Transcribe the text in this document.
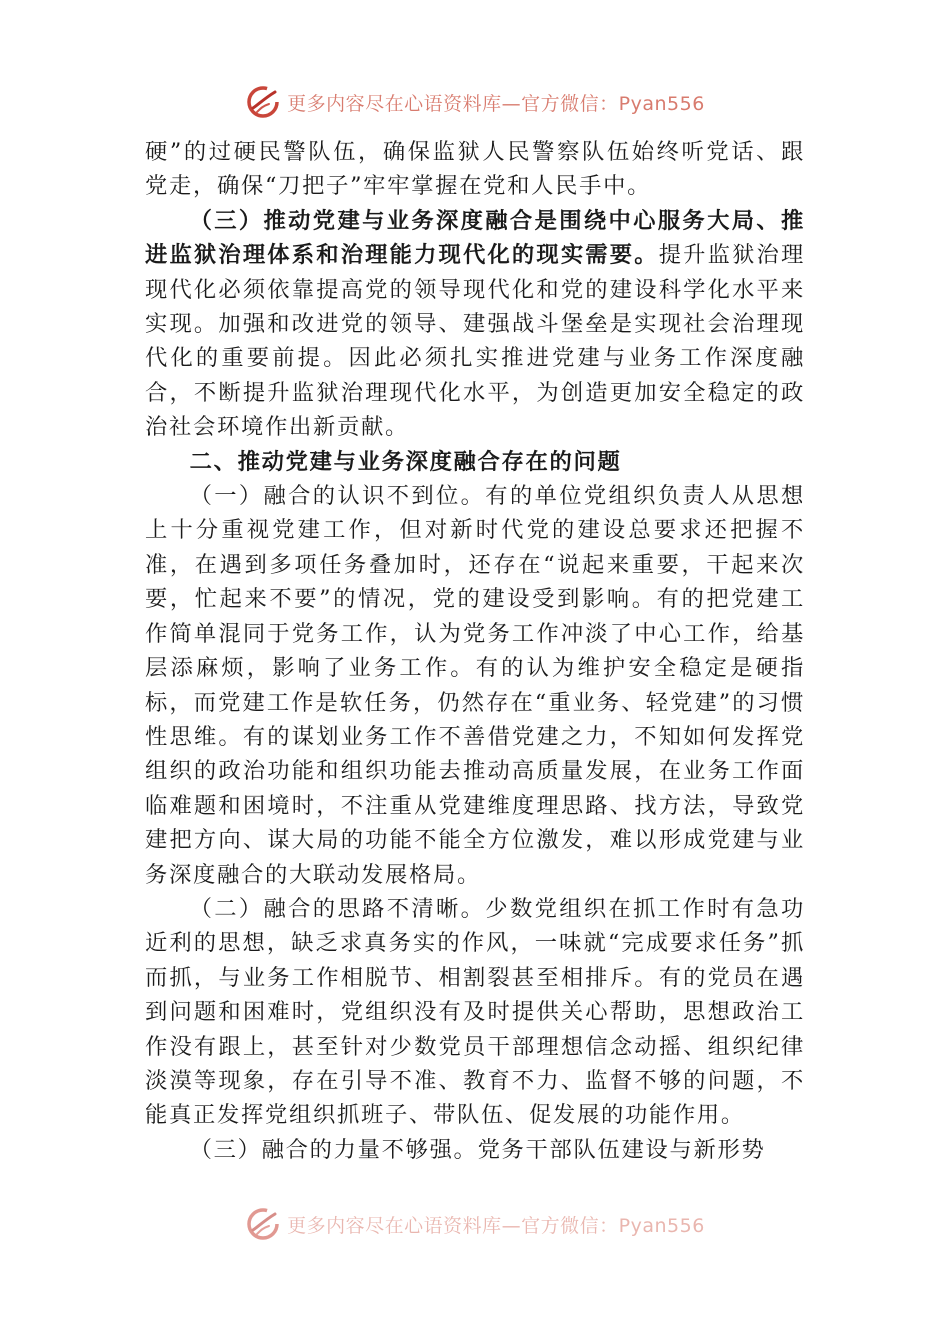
更多内容尽在心语资料库—官方微信：Pyan556

硬”的过硬民警队伍，确保监狱人民警察队伍始终听党话、跟党走，确保“刀把子”牢牢掌握在党和人民手中。

（三）推动党建与业务深度融合是围绕中心服务大局、推进监狱治理体系和治理能力现代化的现实需要。提升监狱治理现代化必须依靠提高党的领导现代化和党的建设科学化水平来实现。加强和改进党的领导、建强战斗堡垒是实现社会治理现代化的重要前提。因此必须扎实推进党建与业务工作深度融合，不断提升监狱治理现代化水平，为创造更加安全稳定的政治社会环境作出新贡献。

二、推动党建与业务深度融合存在的问题

（一）融合的认识不到位。有的单位党组织负责人从思想上十分重视党建工作，但对新时代党的建设总要求还把握不准，在遇到多项任务叠加时，还存在“说起来重要，干起来次要，忙起来不要”的情况，党的建设受到影响。有的把党建工作简单混同于党务工作，认为党务工作冲淡了中心工作，给基层添麻烦，影响了业务工作。有的认为维护安全稳定是硬指标，而党建工作是软任务，仍然存在“重业务、轻党建”的习惯性思维。有的谋划业务工作不善借党建之力，不知如何发挥党组织的政治功能和组织功能去推动高质量发展，在业务工作面临难题和困境时，不注重从党建维度理思路、找方法，导致党建把方向、谋大局的功能不能全方位激发，难以形成党建与业务深度融合的大联动发展格局。

（二）融合的思路不清晰。少数党组织在抓工作时有急功近利的思想，缺乏求真务实的作风，一味就“完成要求任务”抓而抓，与业务工作相脱节、相割裂甚至相排斥。有的党员在遇到问题和困难时，党组织没有及时提供关心帮助，思想政治工作没有跟上，甚至针对少数党员干部理想信念动摇、组织纪律淡漠等现象，存在引导不准、教育不力、监督不够的问题，不能真正发挥党组织抓班子、带队伍、促发展的功能作用。

（三）融合的力量不够强。党务干部队伍建设与新形势

更多内容尽在心语资料库—官方微信：Pyan556
